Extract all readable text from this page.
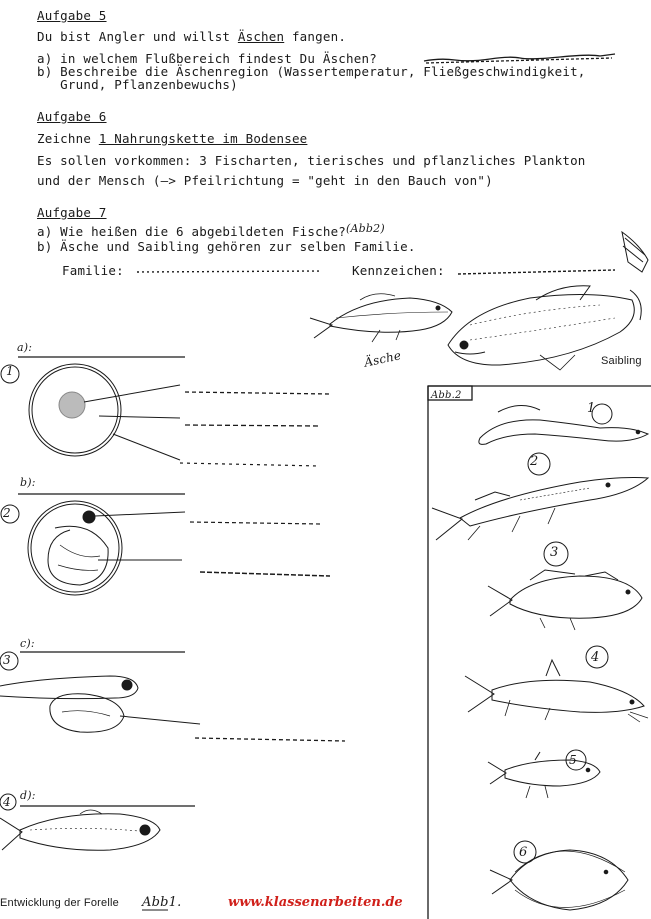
Aufgabe 5
Du bist Angler und willst Äschen fangen.
a) in welchem Flußbereich findest Du Äschen?
b) Beschreibe die Äschenregion (Wassertemperatur, Fließgeschwindigkeit,
Grund, Pflanzenbewuchs)
Aufgabe 6
Zeichne 1 Nahrungskette im Bodensee
Es sollen vorkommen: 3 Fischarten, tierisches und pflanzliches Plankton
und der Mensch (—> Pfeilrichtung = "geht in den Bauch von")
Aufgabe 7
a) Wie heißen die 6 abgebildeten Fische?(Abb2)
b) Äsche und Saibling gehören zur selben Familie.
Familie:	Kennzeichen:
Äsche	Saibling
a):
b):
c):
d):
1
2
3
4
Abb.2
1
2
3
4
5
6
Entwicklung der Forelle Abb1.	www.klassenarbeiten.de
